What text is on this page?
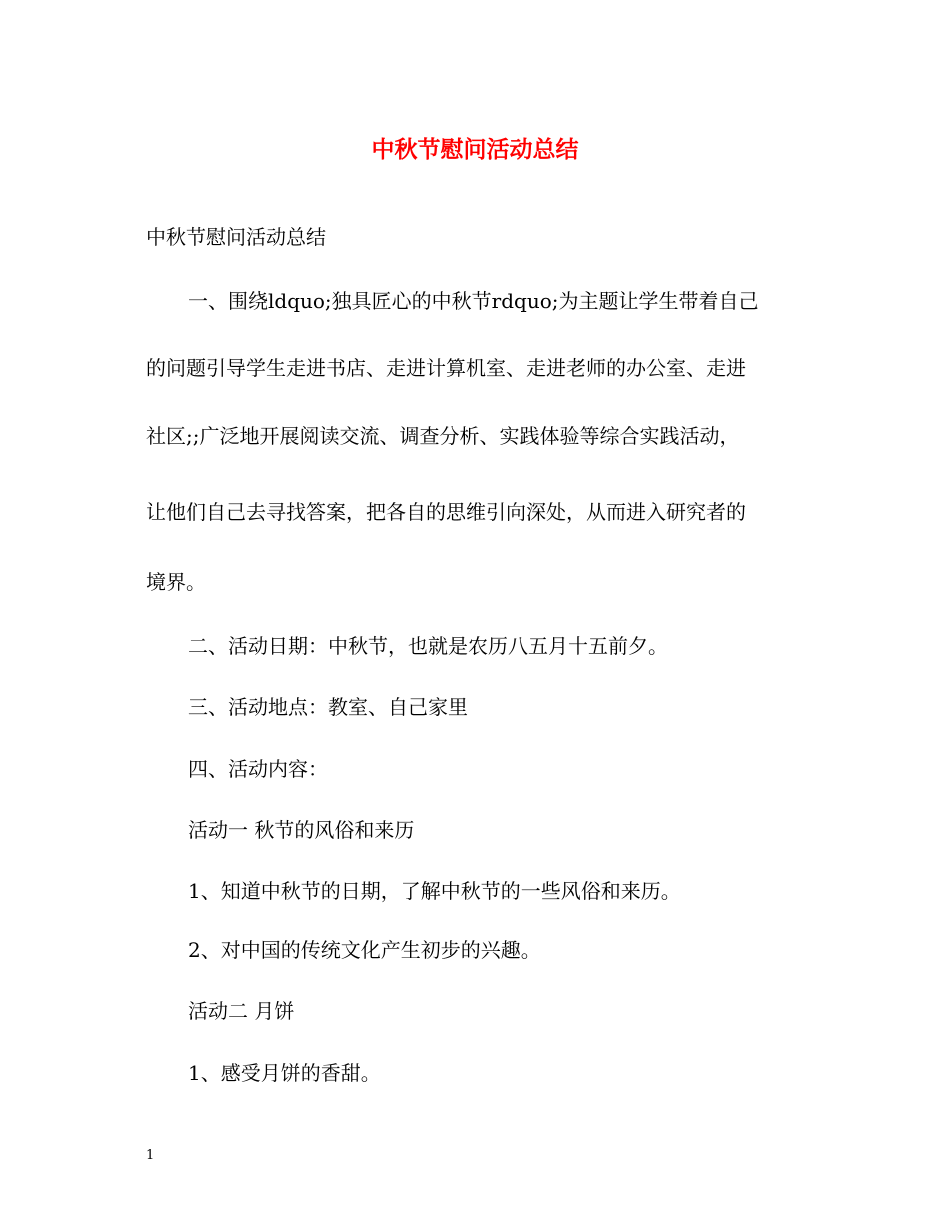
中秋节慰问活动总结
中秋节慰问活动总结
一、围绕ldquo;独具匠心的中秋节rdquo;为主题让学生带着自己
的问题引导学生走进书店、走进计算机室、走进老师的办公室、走进
社区;;广泛地开展阅读交流、调查分析、实践体验等综合实践活动，
让他们自己去寻找答案，把各自的思维引向深处，从而进入研究者的
境界。
二、活动日期：中秋节，也就是农历八五月十五前夕。
三、活动地点：教室、自己家里
四、活动内容：
活动一 秋节的风俗和来历
1、知道中秋节的日期，了解中秋节的一些风俗和来历。
2、对中国的传统文化产生初步的兴趣。
活动二 月饼
1、感受月饼的香甜。
1
